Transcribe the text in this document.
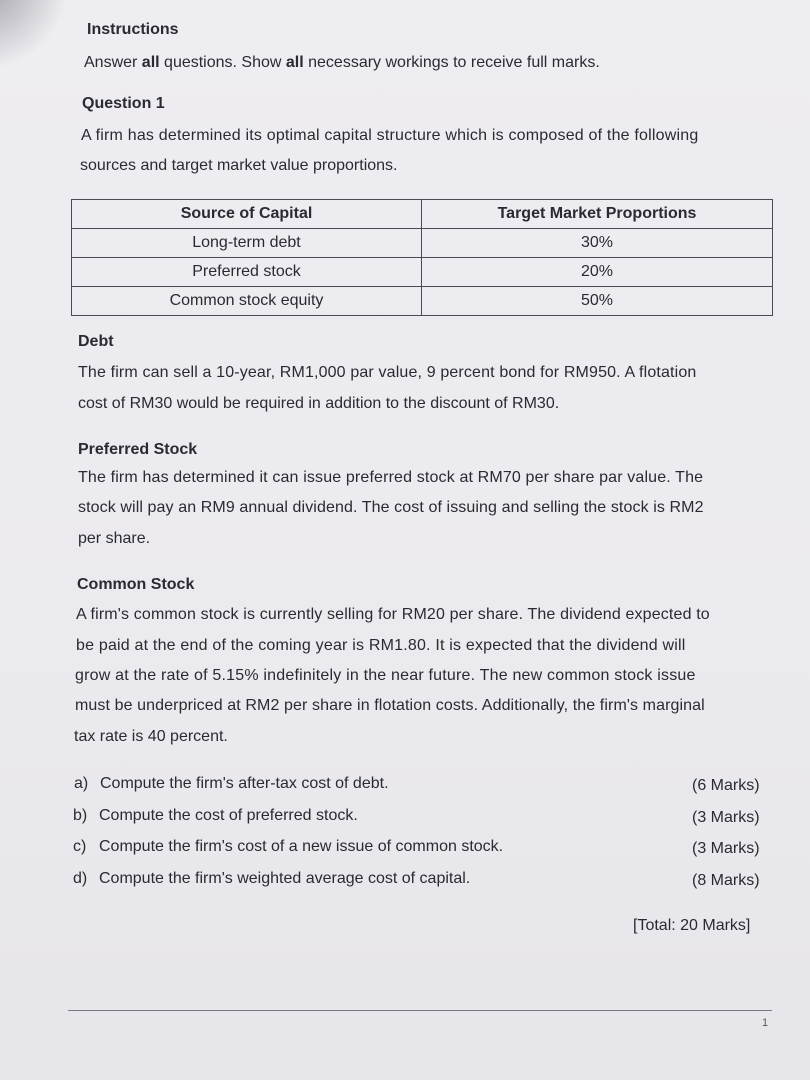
Instructions
Answer all questions. Show all necessary workings to receive full marks.
Question 1
A firm has determined its optimal capital structure which is composed of the following
sources and target market value proportions.
Source of Capital	Target Market Proportions
Long-term debt	30%
Preferred stock	20%
Common stock equity	50%
Debt
The firm can sell a 10-year, RM1,000 par value, 9 percent bond for RM950. A flotation
cost of RM30 would be required in addition to the discount of RM30.
Preferred Stock
The firm has determined it can issue preferred stock at RM70 per share par value. The
stock will pay an RM9 annual dividend. The cost of issuing and selling the stock is RM2
per share.
Common Stock
A firm's common stock is currently selling for RM20 per share. The dividend expected to
be paid at the end of the coming year is RM1.80. It is expected that the dividend will
grow at the rate of 5.15% indefinitely in the near future. The new common stock issue
must be underpriced at RM2 per share in flotation costs. Additionally, the firm's marginal
tax rate is 40 percent.
a) Compute the firm's after-tax cost of debt.	(6 Marks)
b) Compute the cost of preferred stock.	(3 Marks)
c) Compute the firm's cost of a new issue of common stock.	(3 Marks)
d) Compute the firm's weighted average cost of capital.	(8 Marks)
[Total: 20 Marks]
1
